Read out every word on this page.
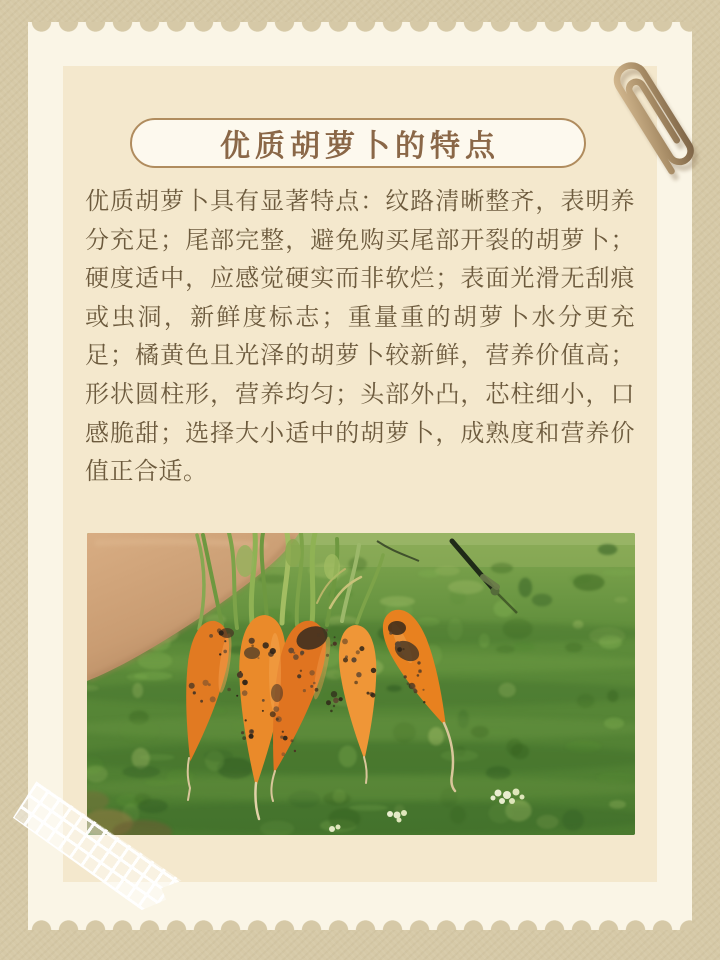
优质胡萝卜的特点
优质胡萝卜具有显著特点：纹路清晰整齐，表明养分充足；尾部完整，避免购买尾部开裂的胡萝卜；硬度适中，应感觉硬实而非软烂；表面光滑无刮痕或虫洞，新鲜度标志；重量重的胡萝卜水分更充足；橘黄色且光泽的胡萝卜较新鲜，营养价值高；形状圆柱形，营养均匀；头部外凸，芯柱细小，口感脆甜；选择大小适中的胡萝卜，成熟度和营养价值正合适。
